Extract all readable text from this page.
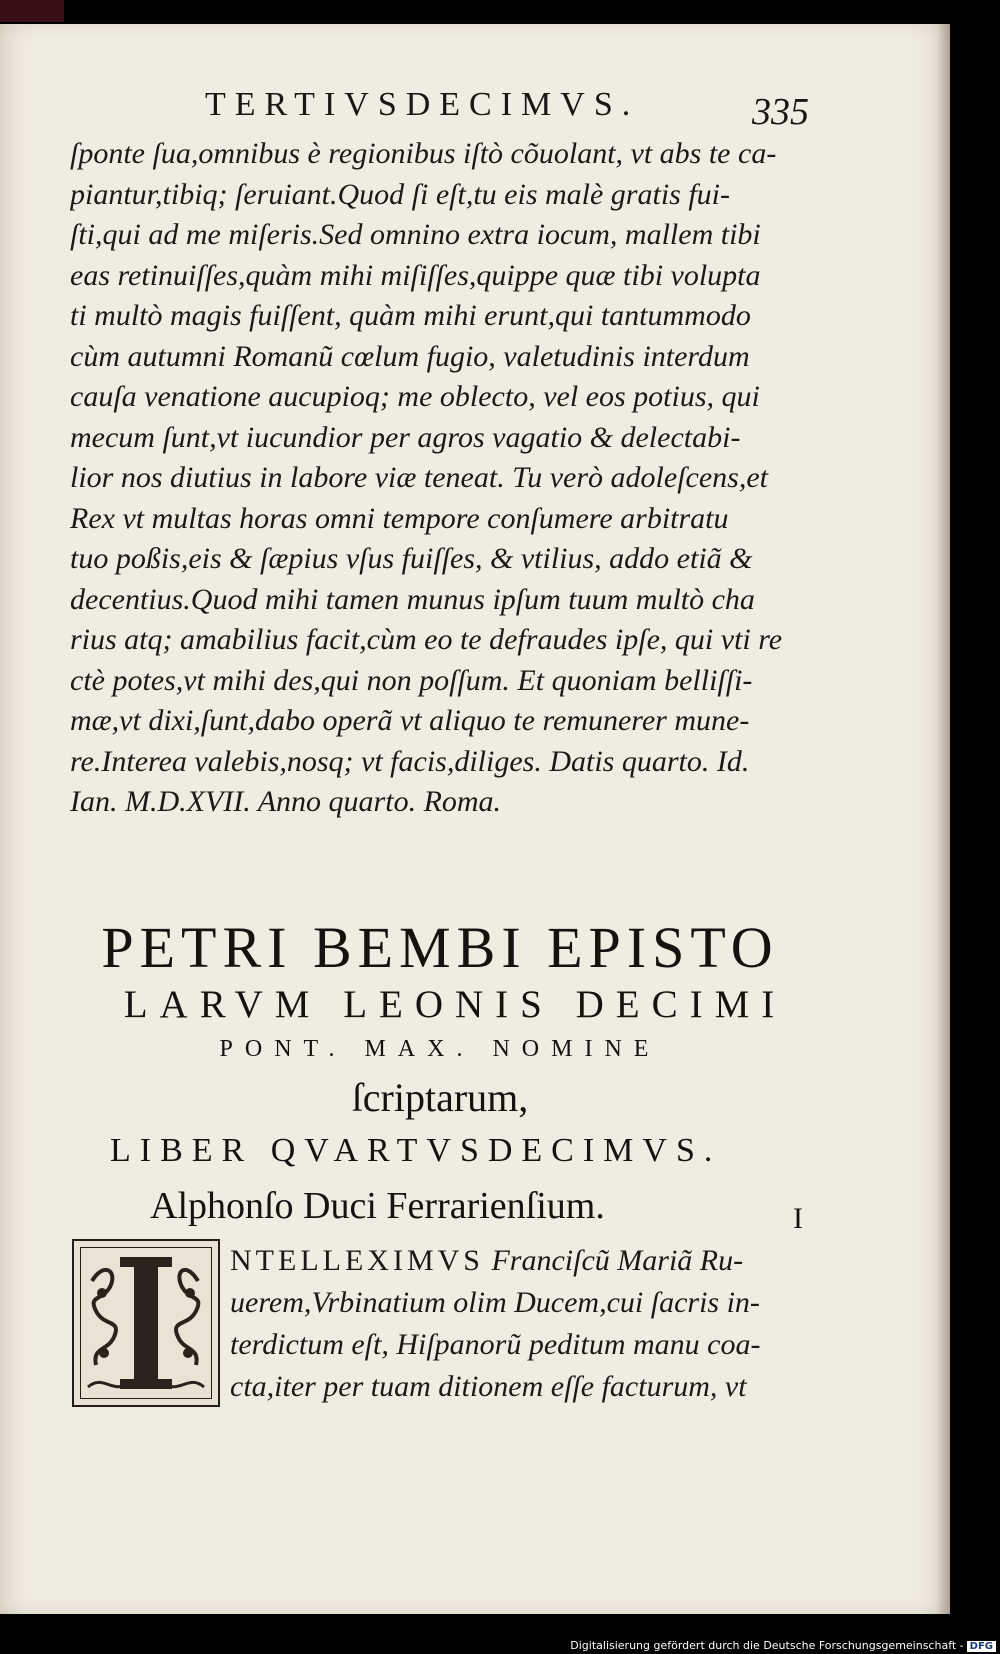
TERTIVSDECIMVS.	335
ſponte ſua,omnibus è regionibus iſtò cõuolant, vt abs te ca-
piantur,tibiq; ſeruiant.Quod ſi eſt,tu eis malè gratis fui-
ſti,qui ad me miſeris.Sed omnino extra iocum, mallem tibi
eas retinuiſſes,quàm mihi miſiſſes,quippe quæ tibi volupta
ti multò magis fuiſſent, quàm mihi erunt,qui tantummodo
cùm autumni Romanũ cœlum fugio, valetudinis interdum
cauſa venatione aucupioq; me oblecto, vel eos potius, qui
mecum ſunt,vt iucundior per agros vagatio & delectabi-
lior nos diutius in labore viæ teneat. Tu verò adoleſcens,et
Rex vt multas horas omni tempore conſumere arbitratu
tuo poßis,eis & ſæpius vſus fuiſſes, & vtilius, addo etiã &
decentius.Quod mihi tamen munus ipſum tuum multò cha
rius atq; amabilius facit,cùm eo te defraudes ipſe, qui vti re
ctè potes,vt mihi des,qui non poſſum. Et quoniam belliſſi-
mæ,vt dixi,ſunt,dabo operã vt aliquo te remunerer mune-
re.Interea valebis,nosq; vt facis,diliges. Datis quarto. Id.
Ian. M.D.XVII. Anno quarto. Roma.
PETRI BEMBI EPISTO
LARVM LEONIS DECIMI
PONT. MAX. NOMINE
ſcriptarum,
LIBER QVARTVSDECIMVS.
Alphonſo Duci Ferrarienſium.	I
NTELLEXIMVS Franciſcũ Mariã Ru-
uerem,Vrbinatium olim Ducem,cui ſacris in-
terdictum eſt, Hiſpanorũ peditum manu coa-
cta,iter per tuam ditionem eſſe facturum, vt
Digitalisierung gefördert durch die Deutsche Forschungsgemeinschaft - DFG
